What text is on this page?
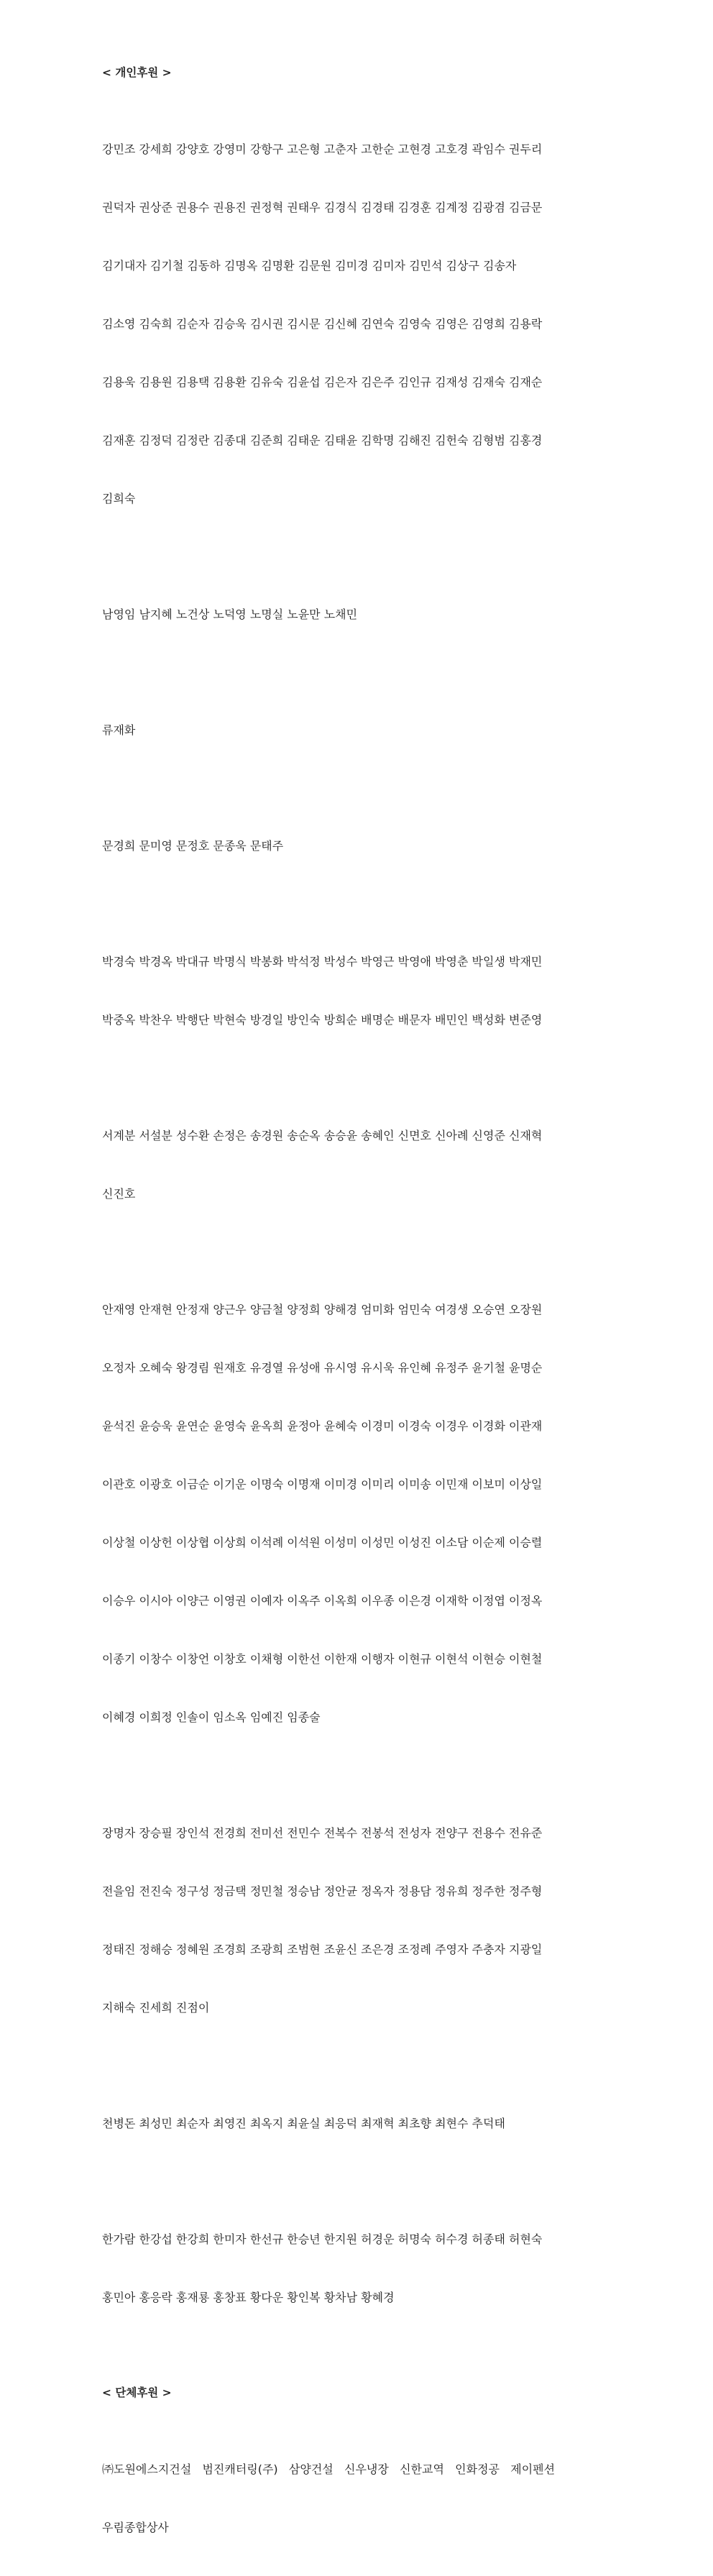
< 개인후원 >

강민조 강세희 강양호 강영미 강항구 고은형 고춘자 고한순 고현경 고호경 곽임수 권두리

권덕자 권상준 권용수 권용진 권정혁 권태우 김경식 김경태 김경훈 김계정 김광겸 김금문

김기대자 김기철 김동하 김명옥 김명환 김문원 김미경 김미자 김민석 김상구 김송자

김소영 김숙희 김순자 김승욱 김시권 김시문 김신혜 김연숙 김영숙 김영은 김영희 김용락

김용욱 김용원 김용택 김용환 김유숙 김윤섭 김은자 김은주 김인규 김재성 김재숙 김재순

김재훈 김정덕 김정란 김종대 김준희 김태운 김태윤 김학명 김해진 김헌숙 김형범 김홍경

김희숙

남영임 남지혜 노건상 노덕영 노명실 노윤만 노채민

류재화

문경희 문미영 문정호 문종욱 문태주

박경숙 박경옥 박대규 박명식 박봉화 박석정 박성수 박영근 박영애 박영춘 박일생 박재민

박중옥 박찬우 박행단 박현숙 방경일 방인숙 방희순 배명순 배문자 배민인 백성화 변준영

서계분 서설분 성수환 손정은 송경원 송순옥 송승윤 송혜인 신면호 신아례 신영준 신재혁

신진호

안재영 안재현 안정재 양근우 양금철 양정희 양해경 엄미화 엄민숙 여경생 오승연 오장원

오정자 오혜숙 왕경림 원재호 유경열 유성애 유시영 유시욱 유인혜 유정주 윤기철 윤명순

윤석진 윤승욱 윤연순 윤영숙 윤옥희 윤정아 윤혜숙 이경미 이경숙 이경우 이경화 이관재

이관호 이광호 이금순 이기운 이명숙 이명재 이미경 이미리 이미송 이민재 이보미 이상일

이상철 이상헌 이상협 이상희 이석례 이석원 이성미 이성민 이성진 이소담 이순제 이승렬

이승우 이시아 이양근 이영권 이예자 이옥주 이옥희 이우종 이은경 이재학 이정엽 이정옥

이종기 이창수 이창언 이창호 이채형 이한선 이한재 이행자 이현규 이현석 이현승 이현철

이혜경 이희정 인솔이 임소옥 임예진 임종술

장명자 장승필 장인석 전경희 전미선 전민수 전복수 전봉석 전성자 전양구 전용수 전유준

전을임 전진숙 정구성 정금택 정민철 정승남 정안균 정옥자 정용담 정유희 정주한 정주형

정태진 정해승 정혜원 조경희 조광희 조범현 조윤신 조은경 조정례 주영자 주충자 지광일

지해숙 진세희 진점이

천병돈 최성민 최순자 최영진 최옥지 최윤실 최응덕 최재혁 최초향 최현수 추덕태

한가람 한강섭 한강희 한미자 한선규 한승년 한지원 허경운 허명숙 허수경 허종태 허현숙

홍민아 홍응락 홍재룡 홍창표 황다운 황인복 황차남 황혜경

< 단체후원 >

㈜도원에스지건설   범진캐터링(주)   삼양건설   신우냉장   신한교역   인화정공   제이펜션

우림종합상사
